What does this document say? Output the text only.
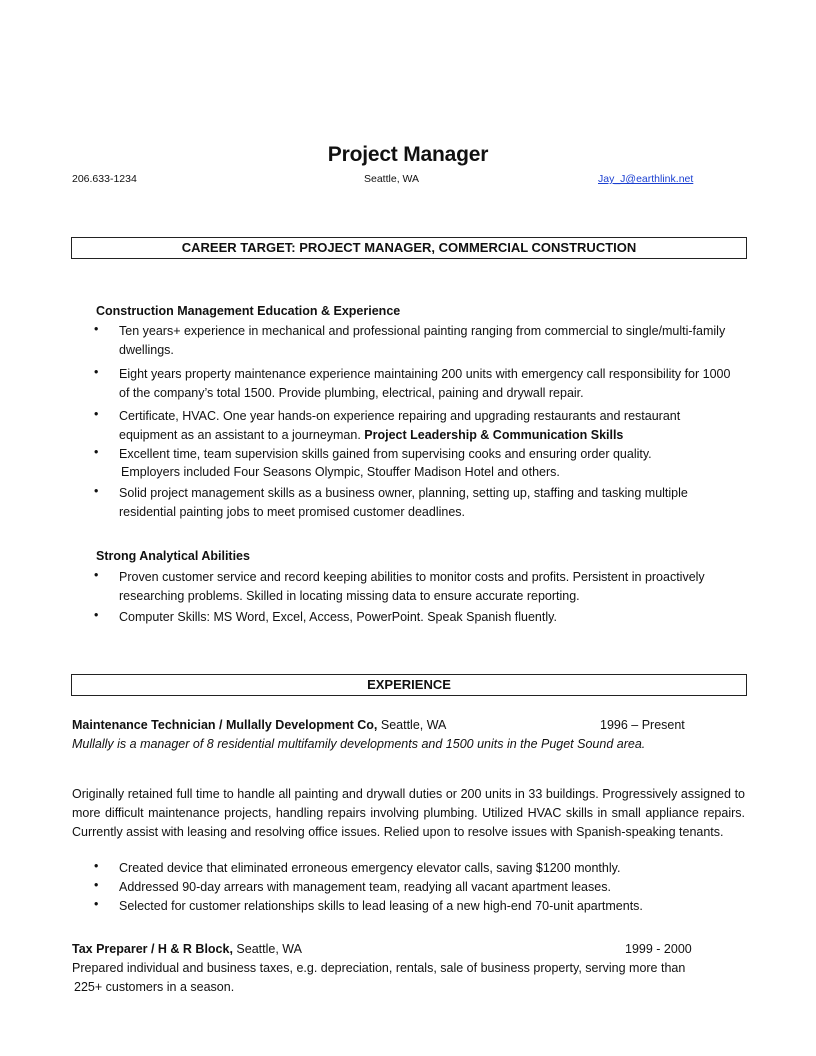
Project Manager
206.633-1234	Seattle, WA	Jay_J@earthlink.net
CAREER TARGET: PROJECT MANAGER, COMMERCIAL CONSTRUCTION
Construction Management Education & Experience
• Ten years+ experience in mechanical and professional painting ranging from commercial to single/multi-family dwellings.
• Eight years property maintenance experience maintaining 200 units with emergency call responsibility for 1000 of the company’s total 1500. Provide plumbing, electrical, paining and drywall repair.
• Certificate, HVAC. One year hands-on experience repairing and upgrading restaurants and restaurant equipment as an assistant to a journeyman. Project Leadership & Communication Skills
• Excellent time, team supervision skills gained from supervising cooks and ensuring order quality.
Employers included Four Seasons Olympic, Stouffer Madison Hotel and others.
• Solid project management skills as a business owner, planning, setting up, staffing and tasking multiple residential painting jobs to meet promised customer deadlines.
Strong Analytical Abilities
• Proven customer service and record keeping abilities to monitor costs and profits. Persistent in proactively researching problems. Skilled in locating missing data to ensure accurate reporting.
• Computer Skills: MS Word, Excel, Access, PowerPoint. Speak Spanish fluently.
EXPERIENCE
Maintenance Technician / Mullally Development Co, Seattle, WA	1996 – Present
Mullally is a manager of 8 residential multifamily developments and 1500 units in the Puget Sound area.
Originally retained full time to handle all painting and drywall duties or 200 units in 33 buildings. Progressively assigned to more difficult maintenance projects, handling repairs involving plumbing. Utilized HVAC skills in small appliance repairs. Currently assist with leasing and resolving office issues. Relied upon to resolve issues with Spanish-speaking tenants.
• Created device that eliminated erroneous emergency elevator calls, saving $1200 monthly.
• Addressed 90-day arrears with management team, readying all vacant apartment leases.
• Selected for customer relationships skills to lead leasing of a new high-end 70-unit apartments.
Tax Preparer / H & R Block, Seattle, WA	1999 - 2000
Prepared individual and business taxes, e.g. depreciation, rentals, sale of business property, serving more than
225+ customers in a season.
